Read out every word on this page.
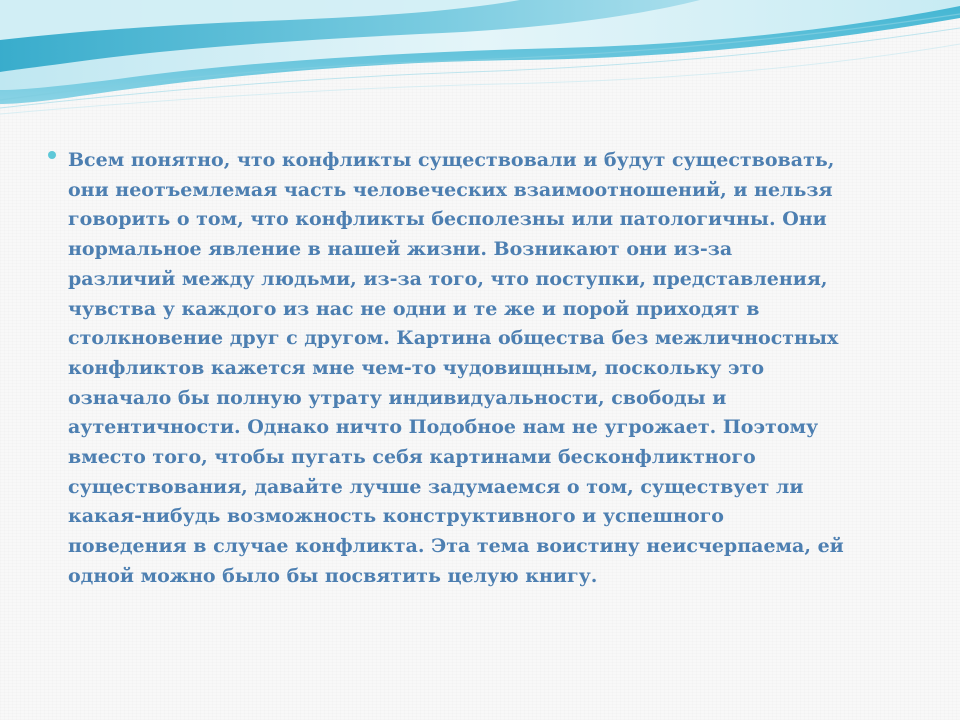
Всем понятно, что конфликты существовали и будут существовать,
они неотъемлемая часть человеческих взаимоотношений, и нельзя
говорить о том, что конфликты бесполезны или патологичны. Они
нормальное явление в нашей жизни. Возникают они из-за
различий между людьми, из-за того, что поступки, представления,
чувства у каждого из нас не одни и те же и порой приходят в
столкновение друг с другом. Картина общества без межличностных
конфликтов кажется мне чем-то чудовищным, поскольку это
означало бы полную утрату индивидуальности, свободы и
аутентичности. Однако ничто Подобное нам не угрожает. Поэтому
вместо того, чтобы пугать себя картинами бесконфликтного
существования, давайте лучше задумаемся о том, существует ли
какая-нибудь возможность конструктивного и успешного
поведения в случае конфликта. Эта тема воистину неисчерпаема, ей
одной можно было бы посвятить целую книгу.
